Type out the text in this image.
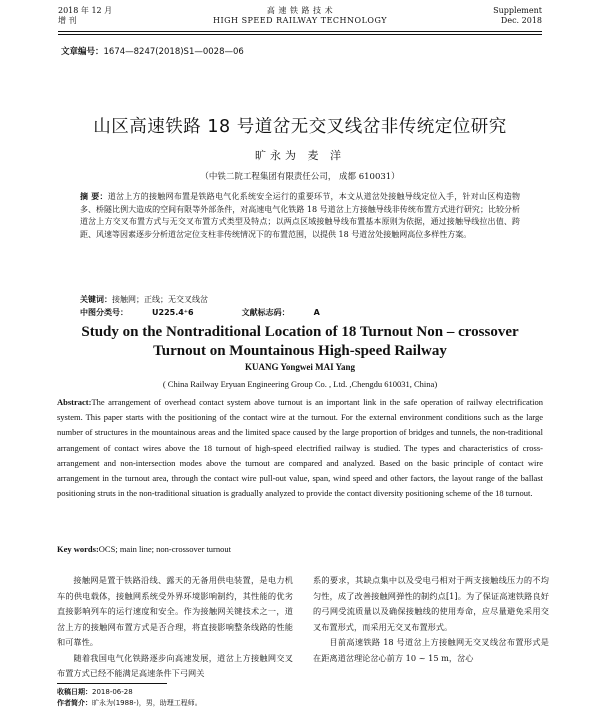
2018 年 12 月
增 刊
高 速 铁 路 技 术
HIGH SPEED RAILWAY TECHNOLOGY
Supplement
Dec. 2018
文章编号：1674—8247(2018)S1—0028—06
山区高速铁路 18 号道岔无交叉线岔非传统定位研究
旷永为 麦 洋
（中铁二院工程集团有限责任公司， 成都 610031）
摘 要：道岔上方的接触网布置是铁路电气化系统安全运行的重要环节，本文从道岔处接触导线定位入手，针对山区构造物多、桥隧比例大造成的空间有限等外部条件，对高速电气化铁路 18 号道岔上方接触导线非传统布置方式进行研究；比较分析道岔上方交叉布置方式与无交叉布置方式类型及特点；以两点区域接触导线布置基本原则为依据，通过接触导线拉出值、跨距、风速等因素逐步分析道岔定位支柱非传统情况下的布置范围，以提供 18 号道岔处接触网高位多样性方案。
关键词：接触网；正线；无交叉线岔
中图分类号：	U225.4⁺6	文献标志码：	A
Study on the Nontraditional Location of 18 Turnout Non – crossover
Turnout on Mountainous High-speed Railway
KUANG Yongwei MAI Yang
( China Railway Eryuan Engineering Group Co. , Ltd. ,Chengdu 610031, China)
Abstract:The arrangement of overhead contact system above turnout is an important link in the safe operation of railway electrification system. This paper starts with the positioning of the contact wire at the turnout. For the external environment conditions such as the large number of structures in the mountainous areas and the limited space caused by the large proportion of bridges and tunnels, the non-traditional arrangement of contact wires above the 18 turnout of high-speed electrified railway is studied. The types and characteristics of cross-arrangement and non-intersection modes above the turnout are compared and analyzed. Based on the basic principle of contact wire arrangement in the turnout area, through the contact wire pull-out value, span, wind speed and other factors, the layout range of the ballast positioning struts in the non-traditional situation is gradually analyzed to provide the contact diversity positioning scheme of the 18 turnout.
Key words:OCS; main line; non-crossover turnout

接触网是置于铁路沿线、露天的无备用供电装置，是电力机车的供电载体，接触网系统受外界环境影响制约，其性能的优劣直接影响列车的运行速度和安全。作为接触网关键技术之一，道岔上方的接触网布置方式是否合理，将直接影响整条线路的性能和可靠性。

随着我国电气化铁路逐步向高速发展，道岔上方接触网交叉布置方式已经不能满足高速条件下弓网关

系的要求，其缺点集中以及受电弓相对于两支接触线压力的不均匀性，成了改善接触网弹性的制约点[1]。为了保证高速铁路良好的弓网受流质量以及确保接触线的使用寿命，应尽量避免采用交叉布置形式，而采用无交叉布置形式。

目前高速铁路 18 号道岔上方接触网无交叉线岔布置形式是在距离道岔理论岔心前方 10 ~ 15 m，岔心

收稿日期：2018-06-28
作者简介：旷永为(1988-)，男，助理工程师。
